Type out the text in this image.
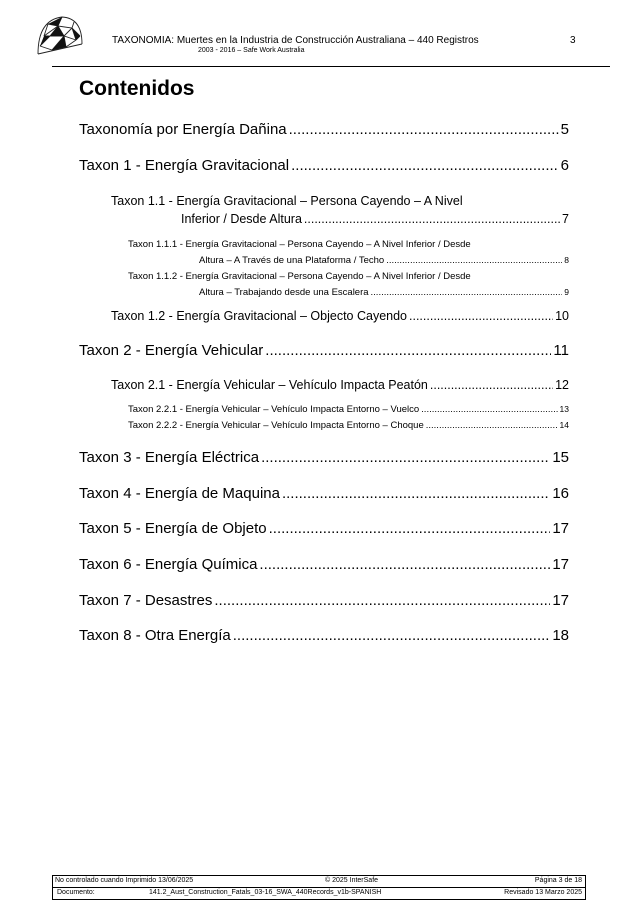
TAXONOMIA: Muertes en la Industria de Construcción Australiana – 440 Registros
2003 - 2016 – Safe Work Australia
3
Contenidos
Taxonomía por Energía Dañina .....	5
Taxon 1 - Energía Gravitacional .....	6
Taxon 1.1 - Energía Gravitacional – Persona Cayendo – A Nivel
Inferior / Desde Altura .....	7
Taxon 1.1.1 - Energía Gravitacional – Persona Cayendo – A Nivel Inferior / Desde
Altura – A Través de una Plataforma / Techo .....	8
Taxon 1.1.2 - Energía Gravitacional – Persona Cayendo – A Nivel Inferior / Desde
Altura – Trabajando desde una Escalera .....	9
Taxon 1.2 - Energía Gravitacional – Objecto Cayendo .....	10
Taxon 2 - Energía Vehicular .....	11
Taxon 2.1 - Energía Vehicular – Vehículo Impacta Peatón .....	12
Taxon 2.2.1 - Energía Vehicular – Vehículo Impacta Entorno – Vuelco .....	13
Taxon 2.2.2 - Energía Vehicular – Vehículo Impacta Entorno – Choque .....	14
Taxon 3 - Energía Eléctrica .....	15
Taxon 4 - Energía de Maquina .....	16
Taxon 5 - Energía de Objeto .....	17
Taxon 6 - Energía Química .....	17
Taxon 7 - Desastres .....	17
Taxon 8 - Otra Energía .....	18
No controlado cuando Imprimido 13/06/2025	© 2025 InterSafe	Página 3 de 18
Documento:	141.2_Aust_Construction_Fatals_03-16_SWA_440Records_v1b-SPANISH	Revisado 13 Marzo 2025
